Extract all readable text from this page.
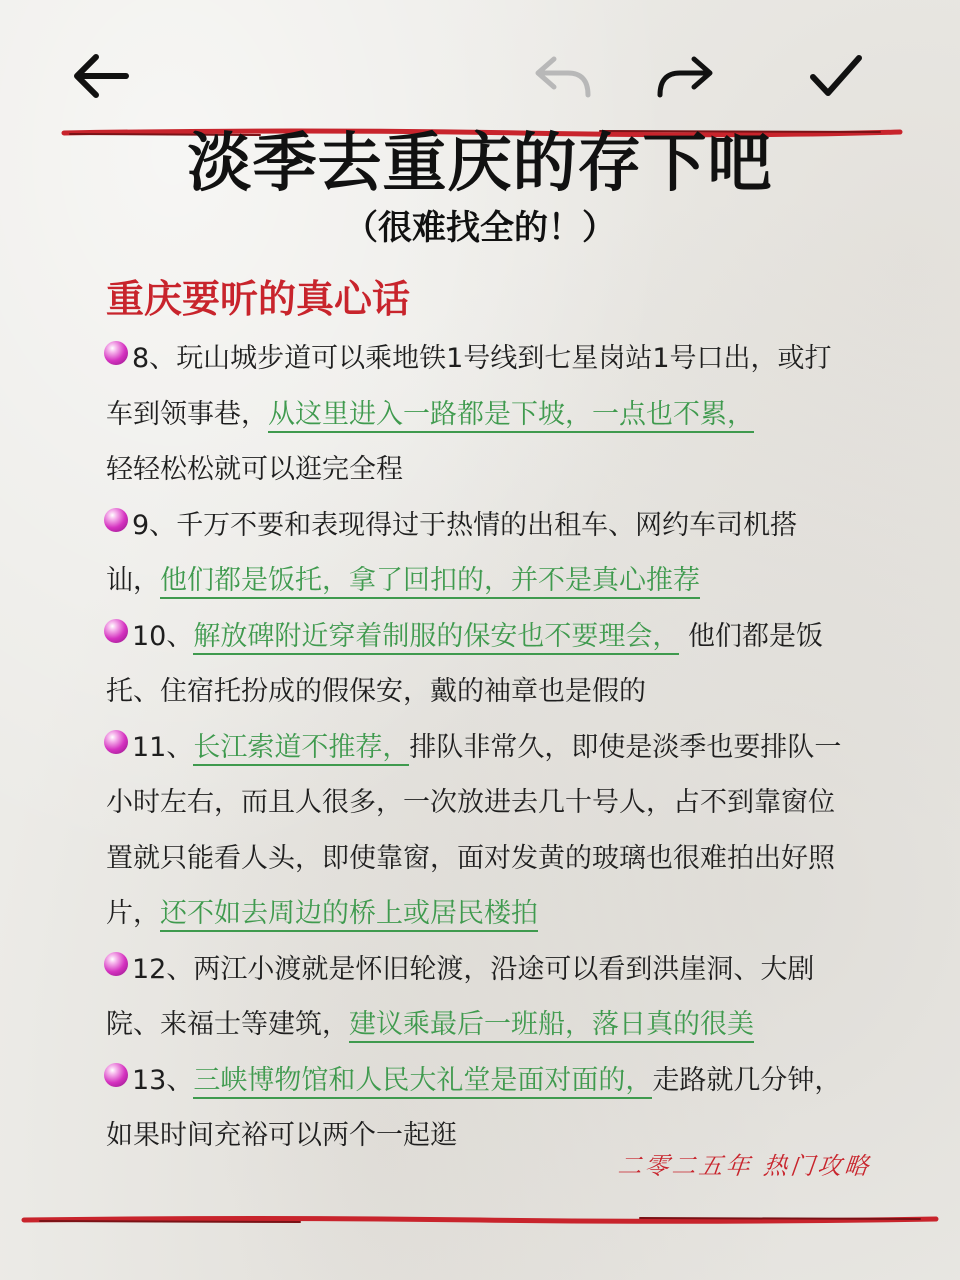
淡季去重庆的存下吧
（很难找全的！）
重庆要听的真心话
8、玩山城步道可以乘地铁1号线到七星岗站1号口出，或打车到领事巷，从这里进入一路都是下坡，一点也不累，
轻轻松松就可以逛完全程
9、千万不要和表现得过于热情的出租车、网约车司机搭讪，他们都是饭托，拿了回扣的，并不是真心推荐
10、解放碑附近穿着制服的保安也不要理会， 他们都是饭托、住宿托扮成的假保安，戴的袖章也是假的
11、长江索道不推荐，排队非常久，即使是淡季也要排队一小时左右，而且人很多，一次放进去几十号人，占不到靠窗位置就只能看人头，即使靠窗，面对发黄的玻璃也很难拍出好照片，还不如去周边的桥上或居民楼拍
12、两江小渡就是怀旧轮渡，沿途可以看到洪崖洞、大剧院、来福士等建筑，建议乘最后一班船，落日真的很美
13、三峡博物馆和人民大礼堂是面对面的，走路就几分钟，如果时间充裕可以两个一起逛
二零二五年 热门攻略
